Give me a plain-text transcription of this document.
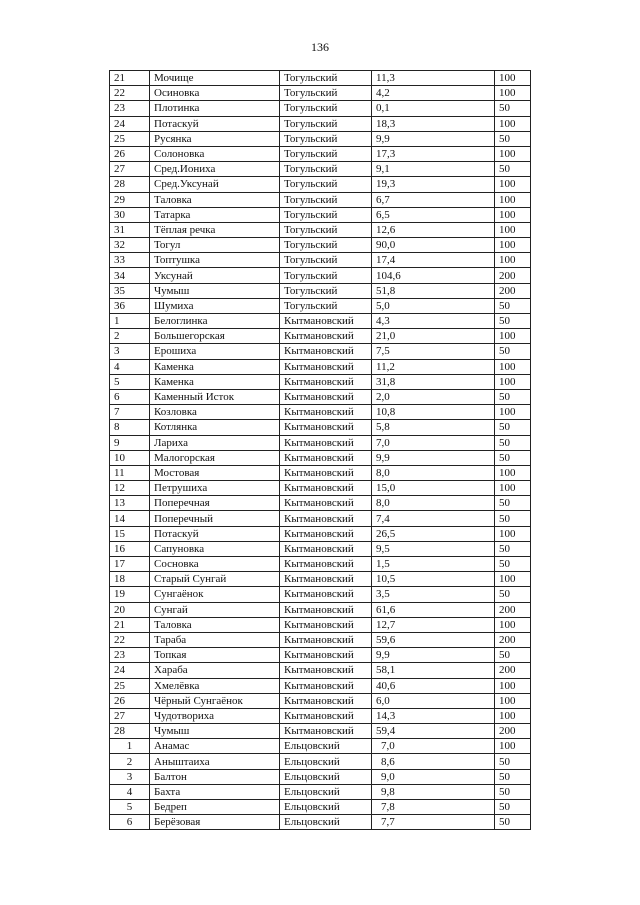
136
21	Мочище	Тогульский	11,3	100
22	Осиновка	Тогульский	4,2	100
23	Плотинка	Тогульский	0,1	50
24	Потаскуй	Тогульский	18,3	100
25	Русянка	Тогульский	9,9	50
26	Солоновка	Тогульский	17,3	100
27	Сред.Иониха	Тогульский	9,1	50
28	Сред.Уксунай	Тогульский	19,3	100
29	Таловка	Тогульский	6,7	100
30	Татарка	Тогульский	6,5	100
31	Тёплая речка	Тогульский	12,6	100
32	Тогул	Тогульский	90,0	100
33	Топтушка	Тогульский	17,4	100
34	Уксунай	Тогульский	104,6	200
35	Чумыш	Тогульский	51,8	200
36	Шумиха	Тогульский	5,0	50
1	Белоглинка	Кытмановский	4,3	50
2	Большегорская	Кытмановский	21,0	100
3	Ерошиха	Кытмановский	7,5	50
4	Каменка	Кытмановский	11,2	100
5	Каменка	Кытмановский	31,8	100
6	Каменный Исток	Кытмановский	2,0	50
7	Козловка	Кытмановский	10,8	100
8	Котлянка	Кытмановский	5,8	50
9	Лариха	Кытмановский	7,0	50
10	Малогорская	Кытмановский	9,9	50
11	Мостовая	Кытмановский	8,0	100
12	Петрушиха	Кытмановский	15,0	100
13	Поперечная	Кытмановский	8,0	50
14	Поперечный	Кытмановский	7,4	50
15	Потаскуй	Кытмановский	26,5	100
16	Сапуновка	Кытмановский	9,5	50
17	Сосновка	Кытмановский	1,5	50
18	Старый Сунгай	Кытмановский	10,5	100
19	Сунгаёнок	Кытмановский	3,5	50
20	Сунгай	Кытмановский	61,6	200
21	Таловка	Кытмановский	12,7	100
22	Тараба	Кытмановский	59,6	200
23	Топкая	Кытмановский	9,9	50
24	Хараба	Кытмановский	58,1	200
25	Хмелёвка	Кытмановский	40,6	100
26	Чёрный Сунгаёнок	Кытмановский	6,0	100
27	Чудотвориха	Кытмановский	14,3	100
28	Чумыш	Кытмановский	59,4	200
1	Анамас	Ельцовский	7,0	100
2	Аныштаиха	Ельцовский	8,6	50
3	Балтон	Ельцовский	9,0	50
4	Бахта	Ельцовский	9,8	50
5	Бедреп	Ельцовский	7,8	50
6	Берёзовая	Ельцовский	7,7	50
